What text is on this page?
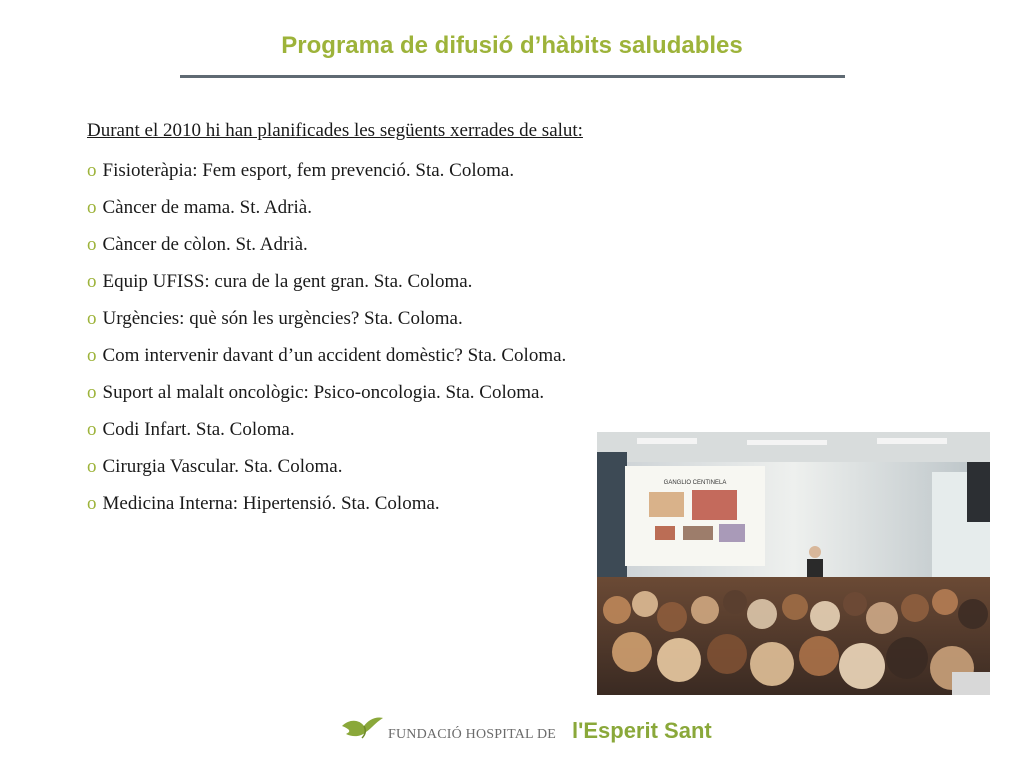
Programa de difusió d’hàbits saludables
Durant el 2010 hi han planificades les següents xerrades de salut:
o Fisioteràpia: Fem esport, fem prevenció. Sta. Coloma.
o Càncer de mama. St. Adrià.
o Càncer de còlon. St. Adrià.
o Equip UFISS: cura de la gent gran. Sta. Coloma.
o Urgències: què són les urgències? Sta. Coloma.
o Com intervenir davant d’un accident domèstic? Sta. Coloma.
o Suport al malalt oncològic: Psico-oncologia. Sta. Coloma.
o Codi Infart. Sta. Coloma.
o Cirurgia Vascular. Sta. Coloma.
o Medicina Interna: Hipertensió. Sta. Coloma.
GANGLIO CENTINELA
FUNDACIÓ HOSPITAL DE l'Esperit Sant
